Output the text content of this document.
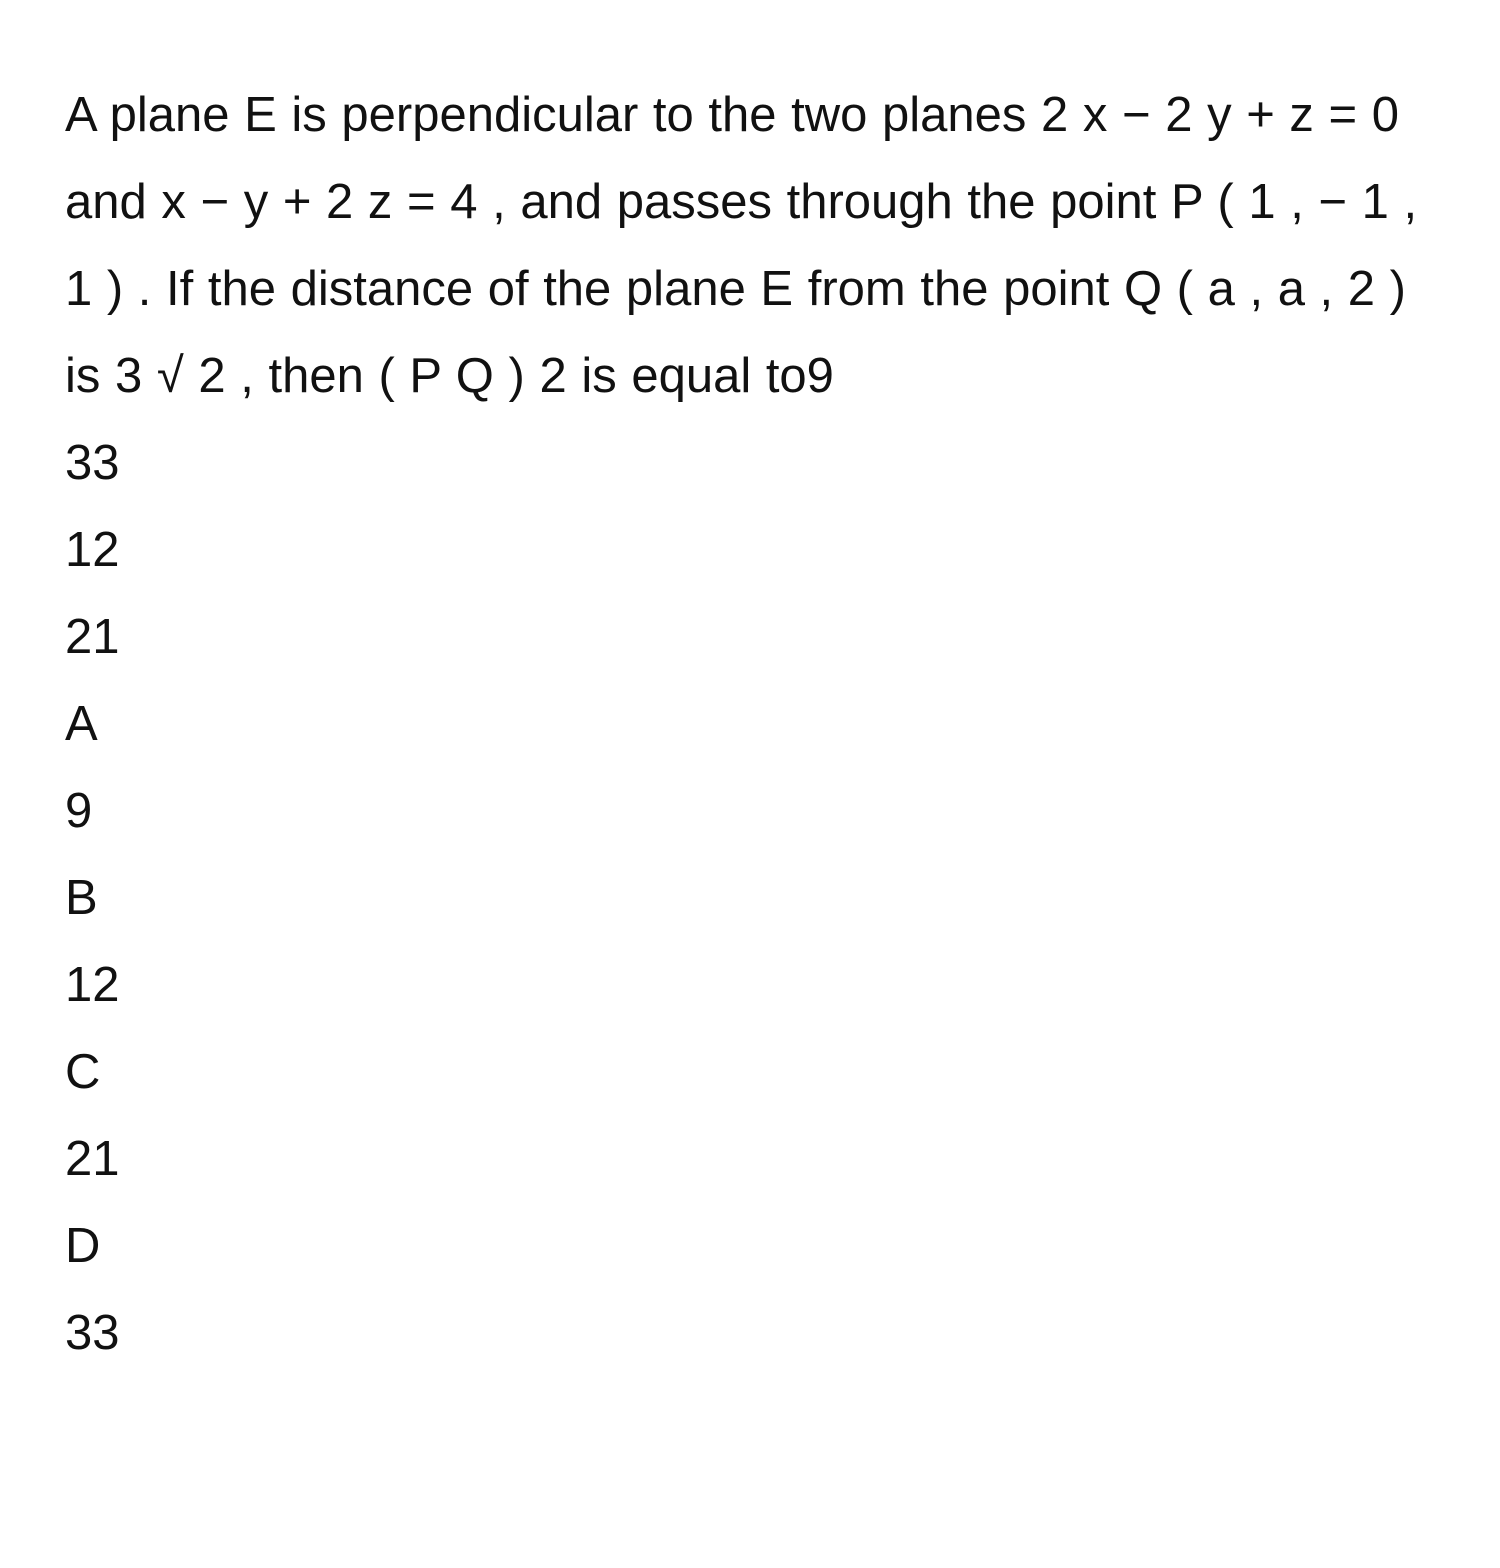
A plane E is perpendicular to the two planes 2 x − 2 y + z = 0 and x − y + 2 z = 4 , and passes through the point P ( 1 , − 1 , 1 ) . If the distance of the plane E from the point Q ( a , a , 2 ) is 3 √ 2 , then ( P Q ) 2 is equal to9

33
12
21
A
9
B
12
C
21
D
33
